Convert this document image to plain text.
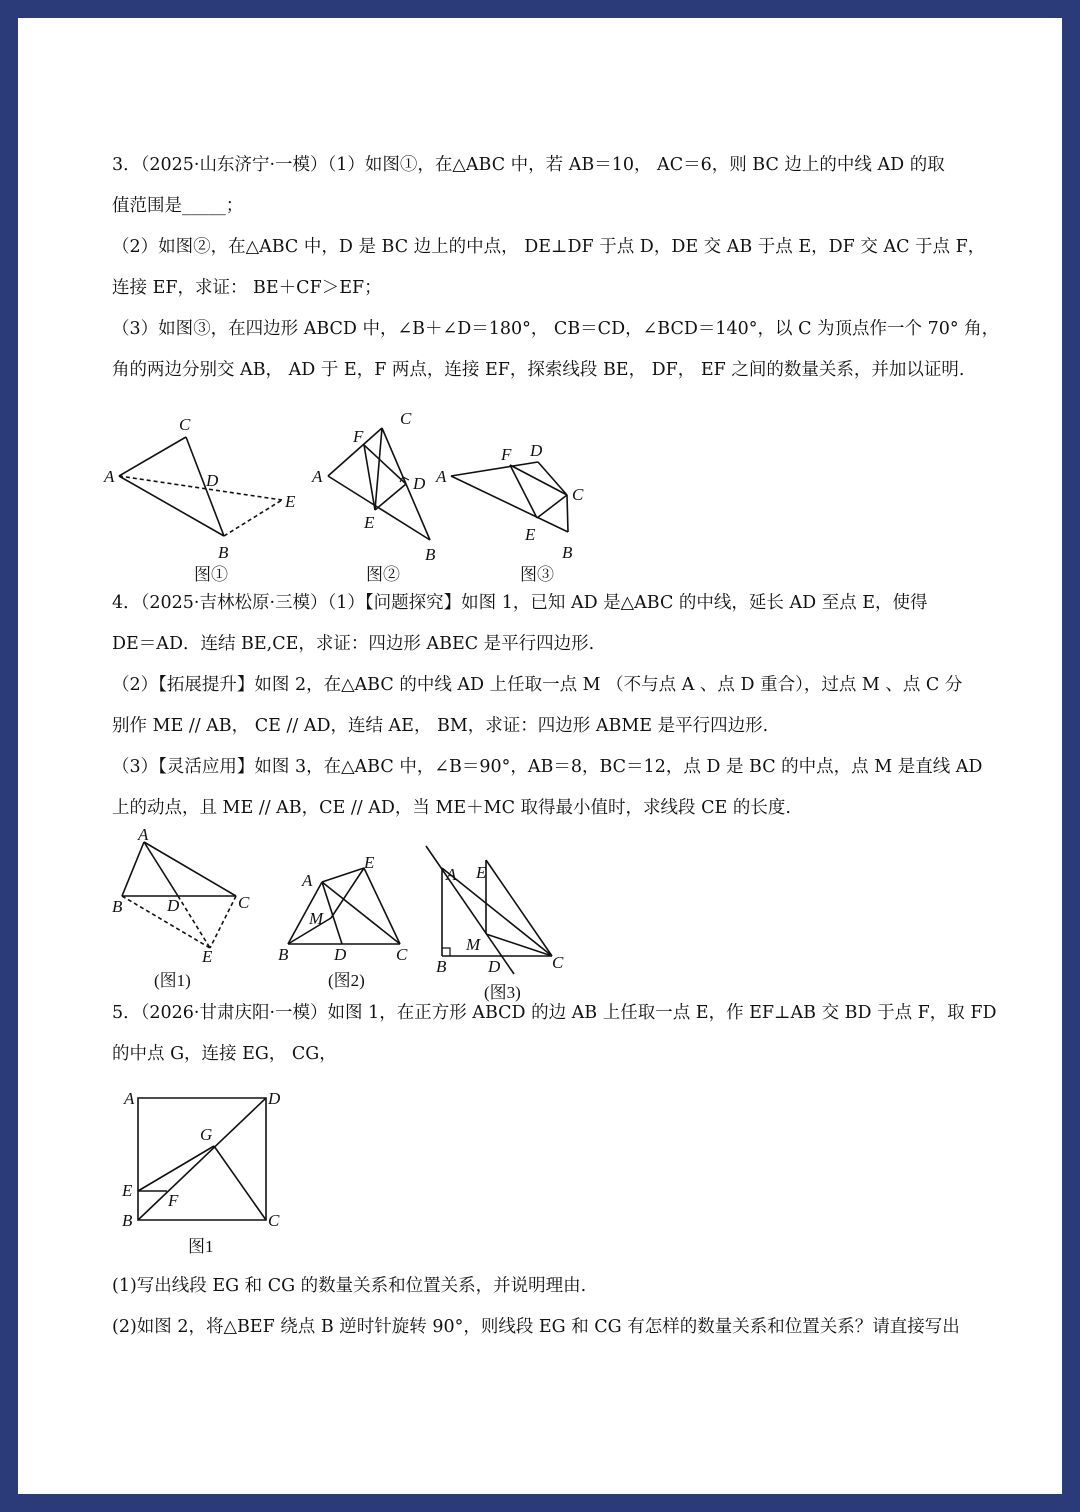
3．（2025·山东济宁·一模）（1）如图①，在△ABC 中，若 AB＝10， AC＝6，则 BC 边上的中线 AD 的取
值范围是_____；
（2）如图②，在△ABC 中，D 是 BC 边上的中点， DE⊥DF 于点 D，DE 交 AB 于点 E，DF 交 AC 于点 F，
连接 EF，求证： BE＋CF＞EF；
（3）如图③，在四边形 ABCD 中，∠B＋∠D＝180°， CB＝CD，∠BCD＝140°，以 C 为顶点作一个 70° 角，
角的两边分别交 AB， AD 于 E，F 两点，连接 EF，探索线段 BE， DF， EF 之间的数量关系，并加以证明.
C
A	D
E
B
图①
C
F
A	D
E
B
图②
D
F
A
C
E
B
图③
4．（2025·吉林松原·三模）（1）【问题探究】如图 1，已知 AD 是△ABC 的中线，延长 AD 至点 E，使得
DE＝AD．连结 BE,CE，求证：四边形 ABEC 是平行四边形.
（2）【拓展提升】如图 2，在△ABC 的中线 AD 上任取一点 M （不与点 A 、点 D 重合），过点 M 、点 C 分
别作 ME // AB， CE // AD，连结 AE， BM，求证：四边形 ABME 是平行四边形.
（3）【灵活应用】如图 3，在△ABC 中，∠B＝90°，AB＝8，BC＝12，点 D 是 BC 的中点，点 M 是直线 AD
上的动点，且 ME // AB，CE // AD，当 ME＋MC 取得最小值时，求线段 CE 的长度.
A
B	D	C
E
(图1)
A
E
M
B	D	C
(图2)
A E
M
B D	C
(图3)
5．（2026·甘肃庆阳·一模）如图 1，在正方形 ABCD 的边 AB 上任取一点 E，作 EF⊥AB 交 BD 于点 F，取 FD
的中点 G，连接 EG， CG，
A	D
G
E
F
B	C
图1
(1)写出线段 EG 和 CG 的数量关系和位置关系，并说明理由.
(2)如图 2，将△BEF 绕点 B 逆时针旋转 90°，则线段 EG 和 CG 有怎样的数量关系和位置关系？请直接写出
